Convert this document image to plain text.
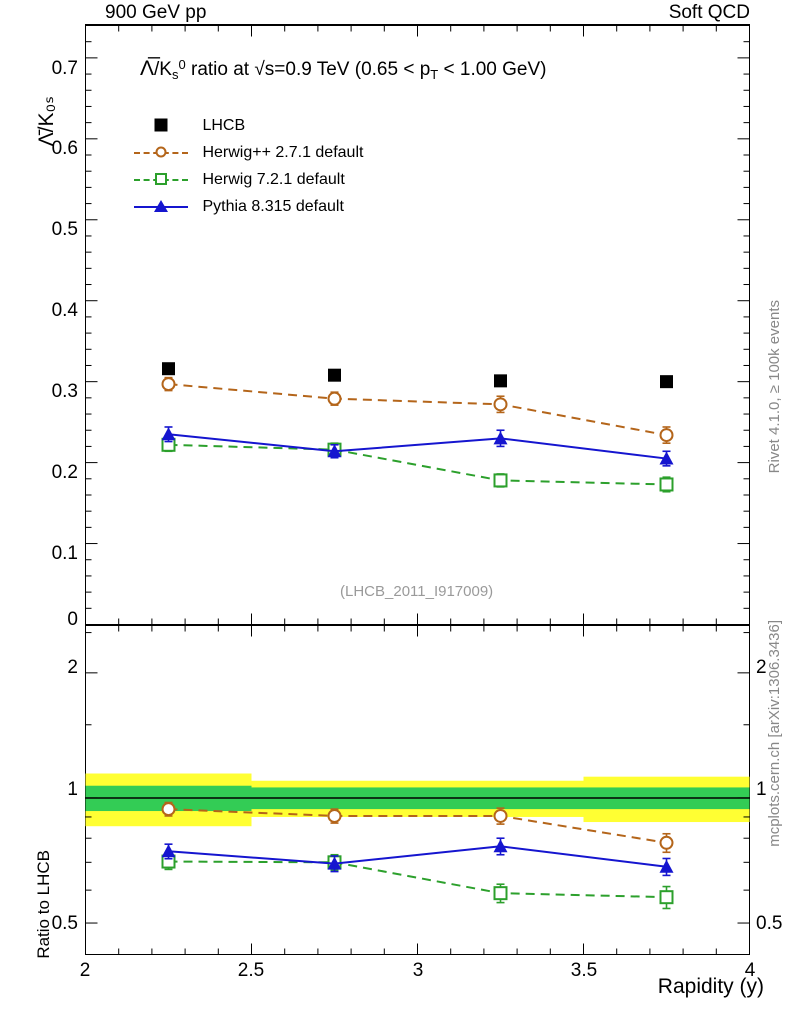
900 GeV pp	Soft QCD
Λ̄/K₀ₛ
Ratio to LHCB
Rapidity (y)
Rivet 4.1.0, ≥ 100k events
mcplots.cern.ch [arXiv:1306.3436]
$\Lambda̅/K_s^0$ ratio at √s=0.9 TeV ($0.65 < p_T < 1.00$ GeV)
(LHCB_2011_I917009)
LHCB
Herwig++ 2.7.1 default
Herwig 7.2.1 default
Pythia 8.315 default
0.7
0.6
0.5
0.4
0.3
0.2
0.1
0
2
1
0.5
2
1
0.5
2	2.5	3	3.5	4
